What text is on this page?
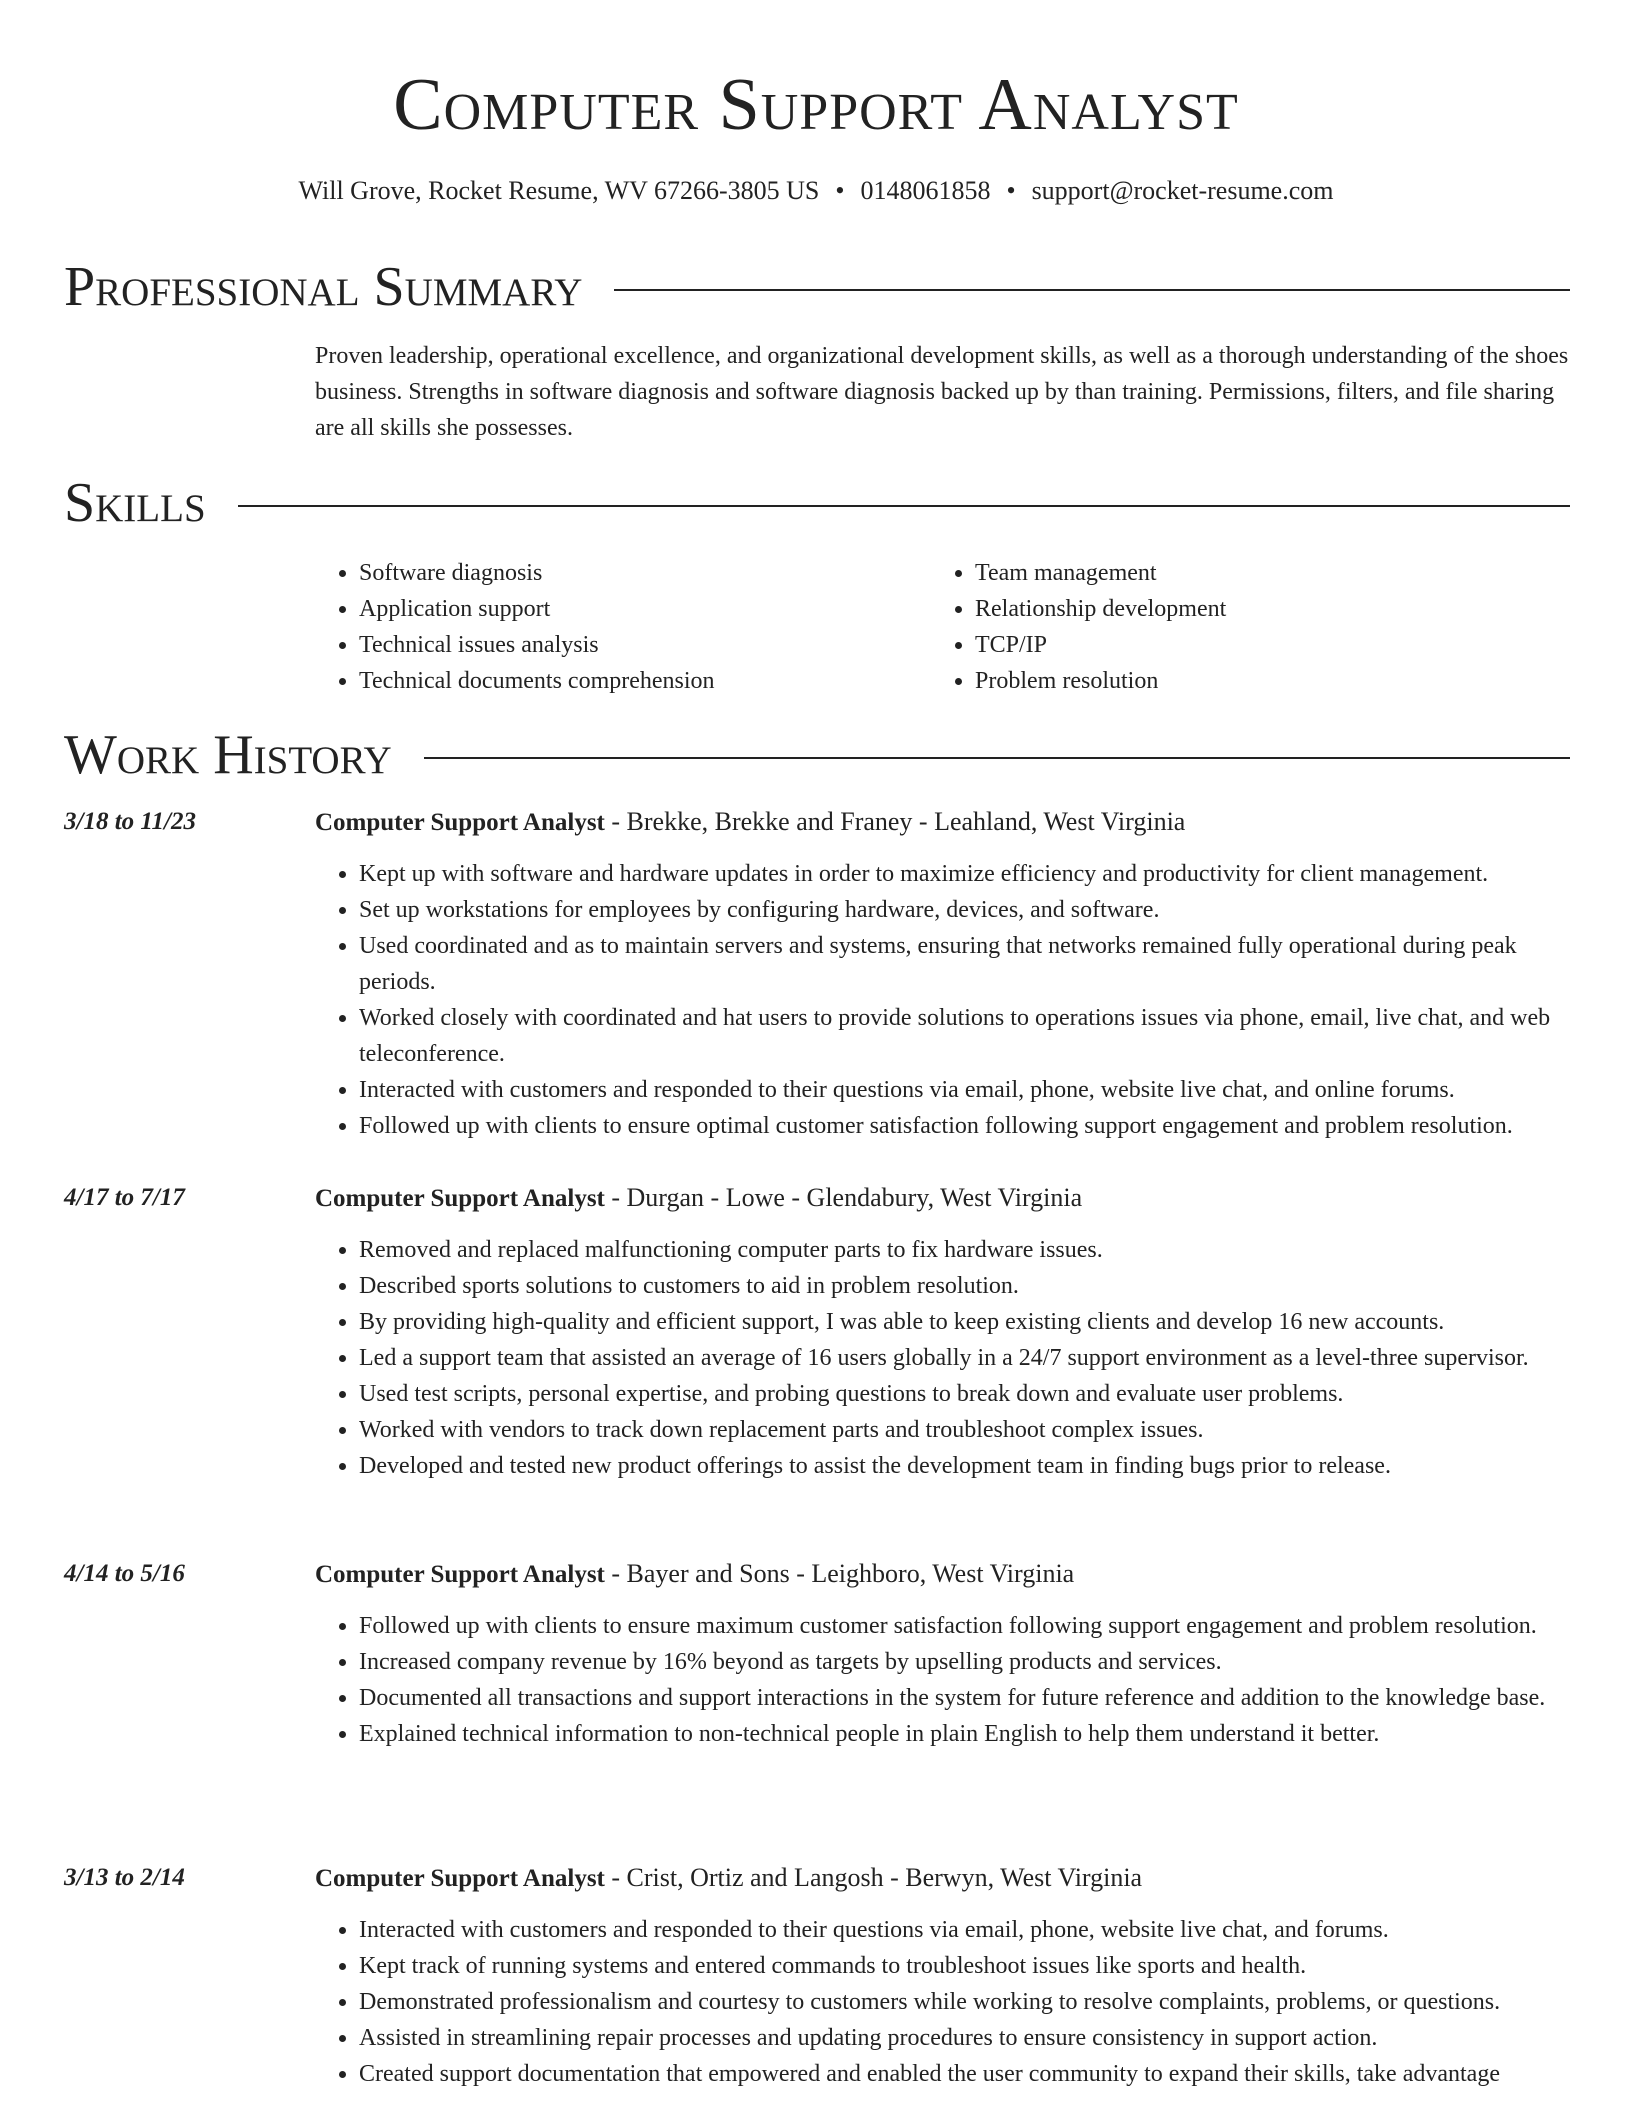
Computer Support Analyst
Will Grove, Rocket Resume, WV 67266-3805 US • 0148061858 • support@rocket-resume.com
Professional Summary

Proven leadership, operational excellence, and organizational development skills, as well as a thorough understanding of the shoes business. Strengths in software diagnosis and software diagnosis backed up by than training. Permissions, filters, and file sharing are all skills she possesses.

Skills
• Software diagnosis
• Application support
• Technical issues analysis
• Technical documents comprehension
• Team management
• Relationship development
• TCP/IP
• Problem resolution
Work History
3/18 to 11/23	Computer Support Analyst - Brekke, Brekke and Franey - Leahland, West Virginia
• Kept up with software and hardware updates in order to maximize efficiency and productivity for client management.
• Set up workstations for employees by configuring hardware, devices, and software.
• Used coordinated and as to maintain servers and systems, ensuring that networks remained fully operational during peak periods.
• Worked closely with coordinated and hat users to provide solutions to operations issues via phone, email, live chat, and web teleconference.
• Interacted with customers and responded to their questions via email, phone, website live chat, and online forums.
• Followed up with clients to ensure optimal customer satisfaction following support engagement and problem resolution.
4/17 to 7/17	Computer Support Analyst - Durgan - Lowe - Glendabury, West Virginia
• Removed and replaced malfunctioning computer parts to fix hardware issues.
• Described sports solutions to customers to aid in problem resolution.
• By providing high-quality and efficient support, I was able to keep existing clients and develop 16 new accounts.
• Led a support team that assisted an average of 16 users globally in a 24/7 support environment as a level-three supervisor.
• Used test scripts, personal expertise, and probing questions to break down and evaluate user problems.
• Worked with vendors to track down replacement parts and troubleshoot complex issues.
• Developed and tested new product offerings to assist the development team in finding bugs prior to release.
4/14 to 5/16	Computer Support Analyst - Bayer and Sons - Leighboro, West Virginia
• Followed up with clients to ensure maximum customer satisfaction following support engagement and problem resolution.
• Increased company revenue by 16% beyond as targets by upselling products and services.
• Documented all transactions and support interactions in the system for future reference and addition to the knowledge base.
• Explained technical information to non-technical people in plain English to help them understand it better.
3/13 to 2/14	Computer Support Analyst - Crist, Ortiz and Langosh - Berwyn, West Virginia
• Interacted with customers and responded to their questions via email, phone, website live chat, and forums.
• Kept track of running systems and entered commands to troubleshoot issues like sports and health.
• Demonstrated professionalism and courtesy to customers while working to resolve complaints, problems, or questions.
• Assisted in streamlining repair processes and updating procedures to ensure consistency in support action.
• Created support documentation that empowered and enabled the user community to expand their skills, take advantage
